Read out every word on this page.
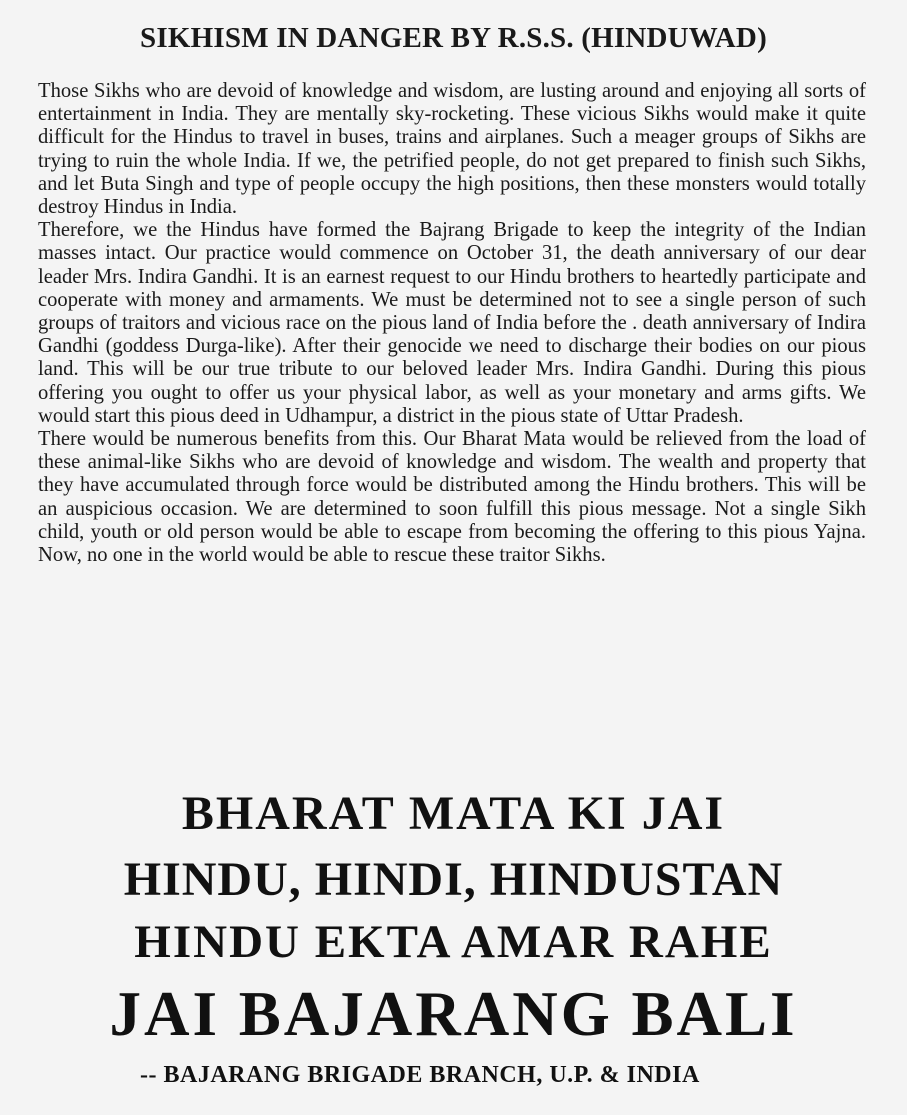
SIKHISM IN DANGER BY R.S.S. (HINDUWAD)

Those Sikhs who are devoid of knowledge and wisdom, are lusting around and enjoying all sorts of entertainment in India. They are mentally sky-rocketing. These vicious Sikhs would make it quite difficult for the Hindus to travel in buses, trains and airplanes. Such a meager groups of Sikhs are trying to ruin the whole India. If we, the petrified people, do not get prepared to finish such Sikhs, and let Buta Singh and type of people occupy the high positions, then these monsters would totally destroy Hindus in India.

Therefore, we the Hindus have formed the Bajrang Brigade to keep the integrity of the Indian masses intact. Our practice would commence on October 31, the death anniversary of our dear leader Mrs. Indira Gandhi. It is an earnest request to our Hindu brothers to heartedly participate and cooperate with money and armaments. We must be determined not to see a single person of such groups of traitors and vicious race on the pious land of India before the . death anniversary of Indira Gandhi (goddess Durga-like). After their genocide we need to discharge their bodies on our pious land. This will be our true tribute to our beloved leader Mrs. Indira Gandhi. During this pious offering you ought to offer us your physical labor, as well as your monetary and arms gifts. We would start this pious deed in Udhampur, a district in the pious state of Uttar Pradesh.

There would be numerous benefits from this. Our Bharat Mata would be relieved from the load of these animal-like Sikhs who are devoid of knowledge and wisdom. The wealth and property that they have accumulated through force would be distributed among the Hindu brothers. This will be an auspicious occasion. We are determined to soon fulfill this pious message. Not a single Sikh child, youth or old person would be able to escape from becoming the offering to this pious Yajna. Now, no one in the world would be able to rescue these traitor Sikhs.

BHARAT MATA KI JAI
HINDU, HINDI, HINDUSTAN
HINDU EKTA AMAR RAHE
JAI BAJARANG BALI
-- BAJARANG BRIGADE BRANCH, U.P. & INDIA
